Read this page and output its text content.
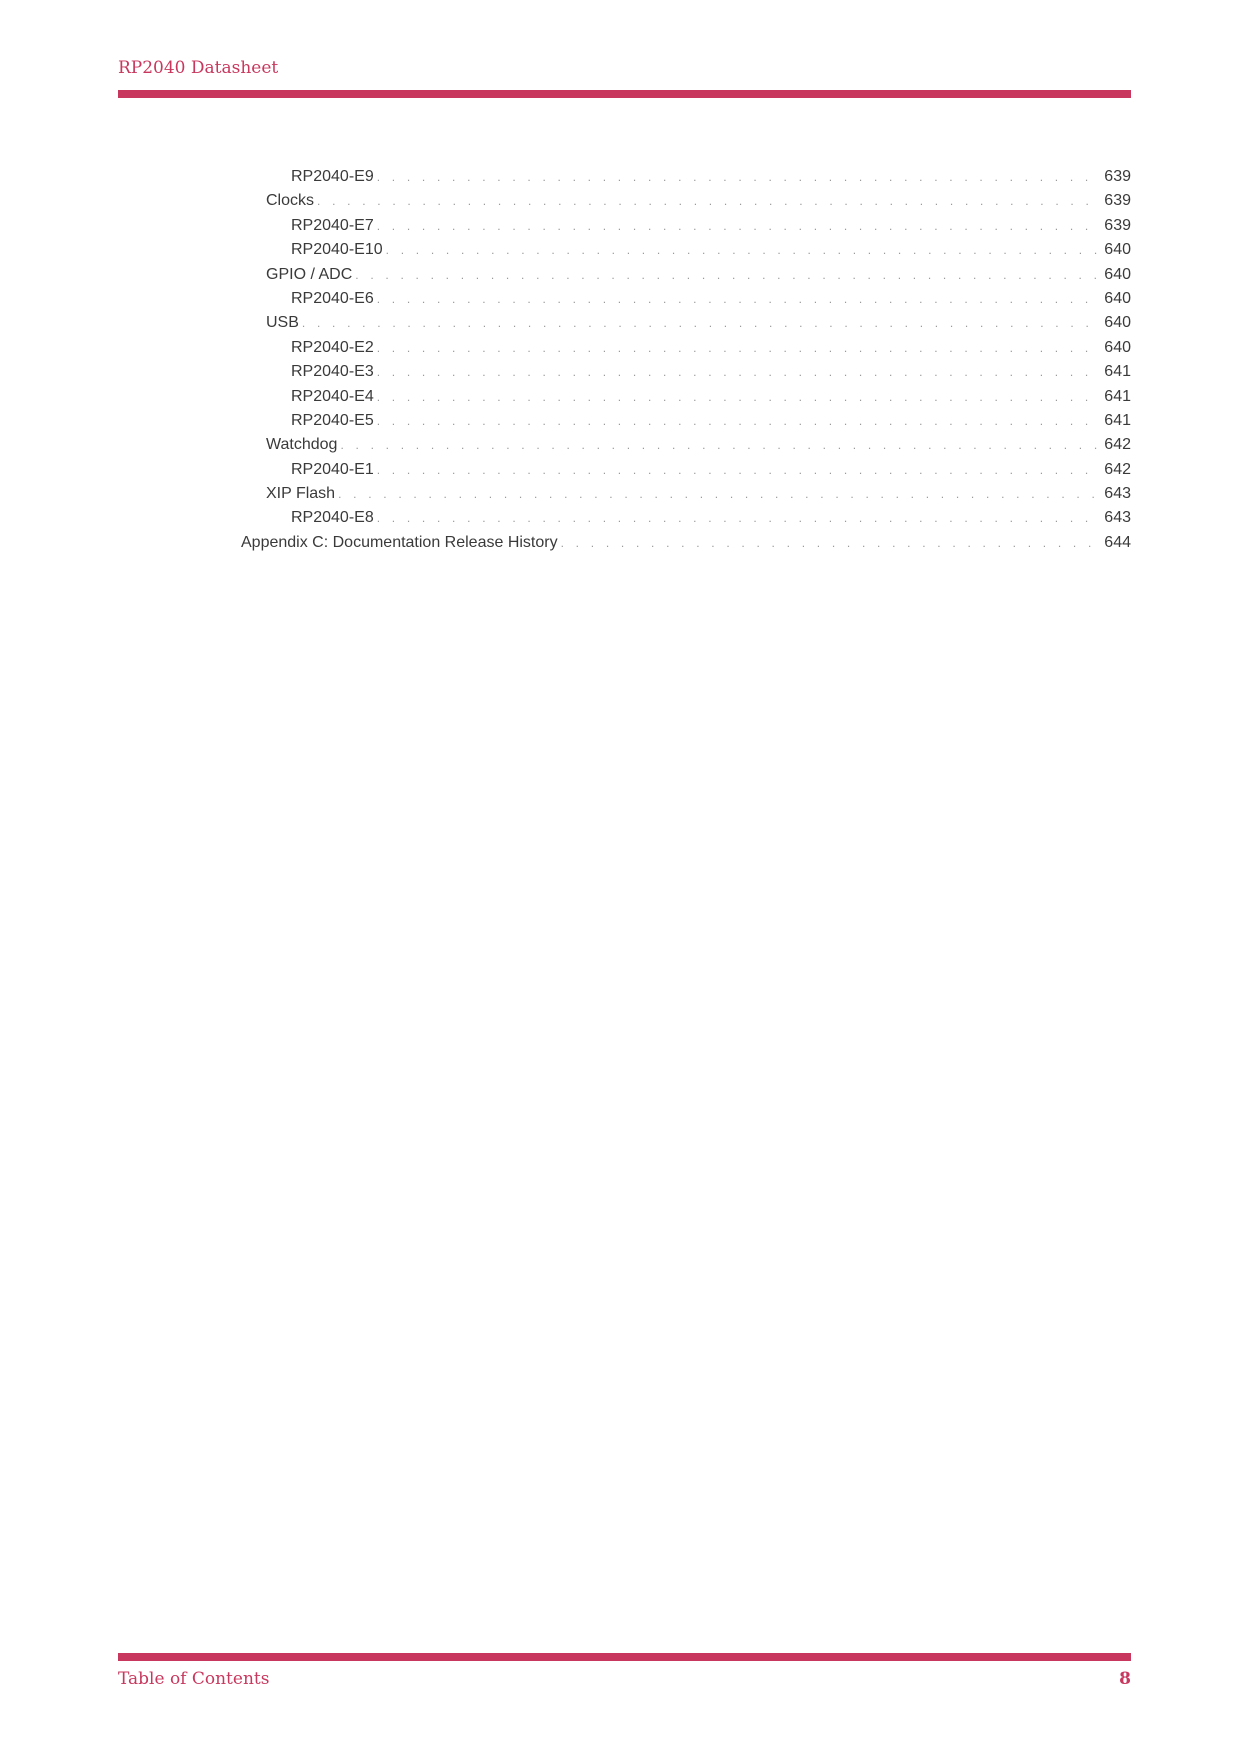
RP2040 Datasheet
RP2040-E9 . . .	639
Clocks . . .	639
RP2040-E7 . . .	639
RP2040-E10 . . .	640
GPIO / ADC . . .	640
RP2040-E6 . . .	640
USB . . .	640
RP2040-E2 . . .	640
RP2040-E3 . . .	641
RP2040-E4 . . .	641
RP2040-E5 . . .	641
Watchdog . . .	642
RP2040-E1 . . .	642
XIP Flash . . .	643
RP2040-E8 . . .	643
Appendix C: Documentation Release History . . .	644
Table of Contents	8
